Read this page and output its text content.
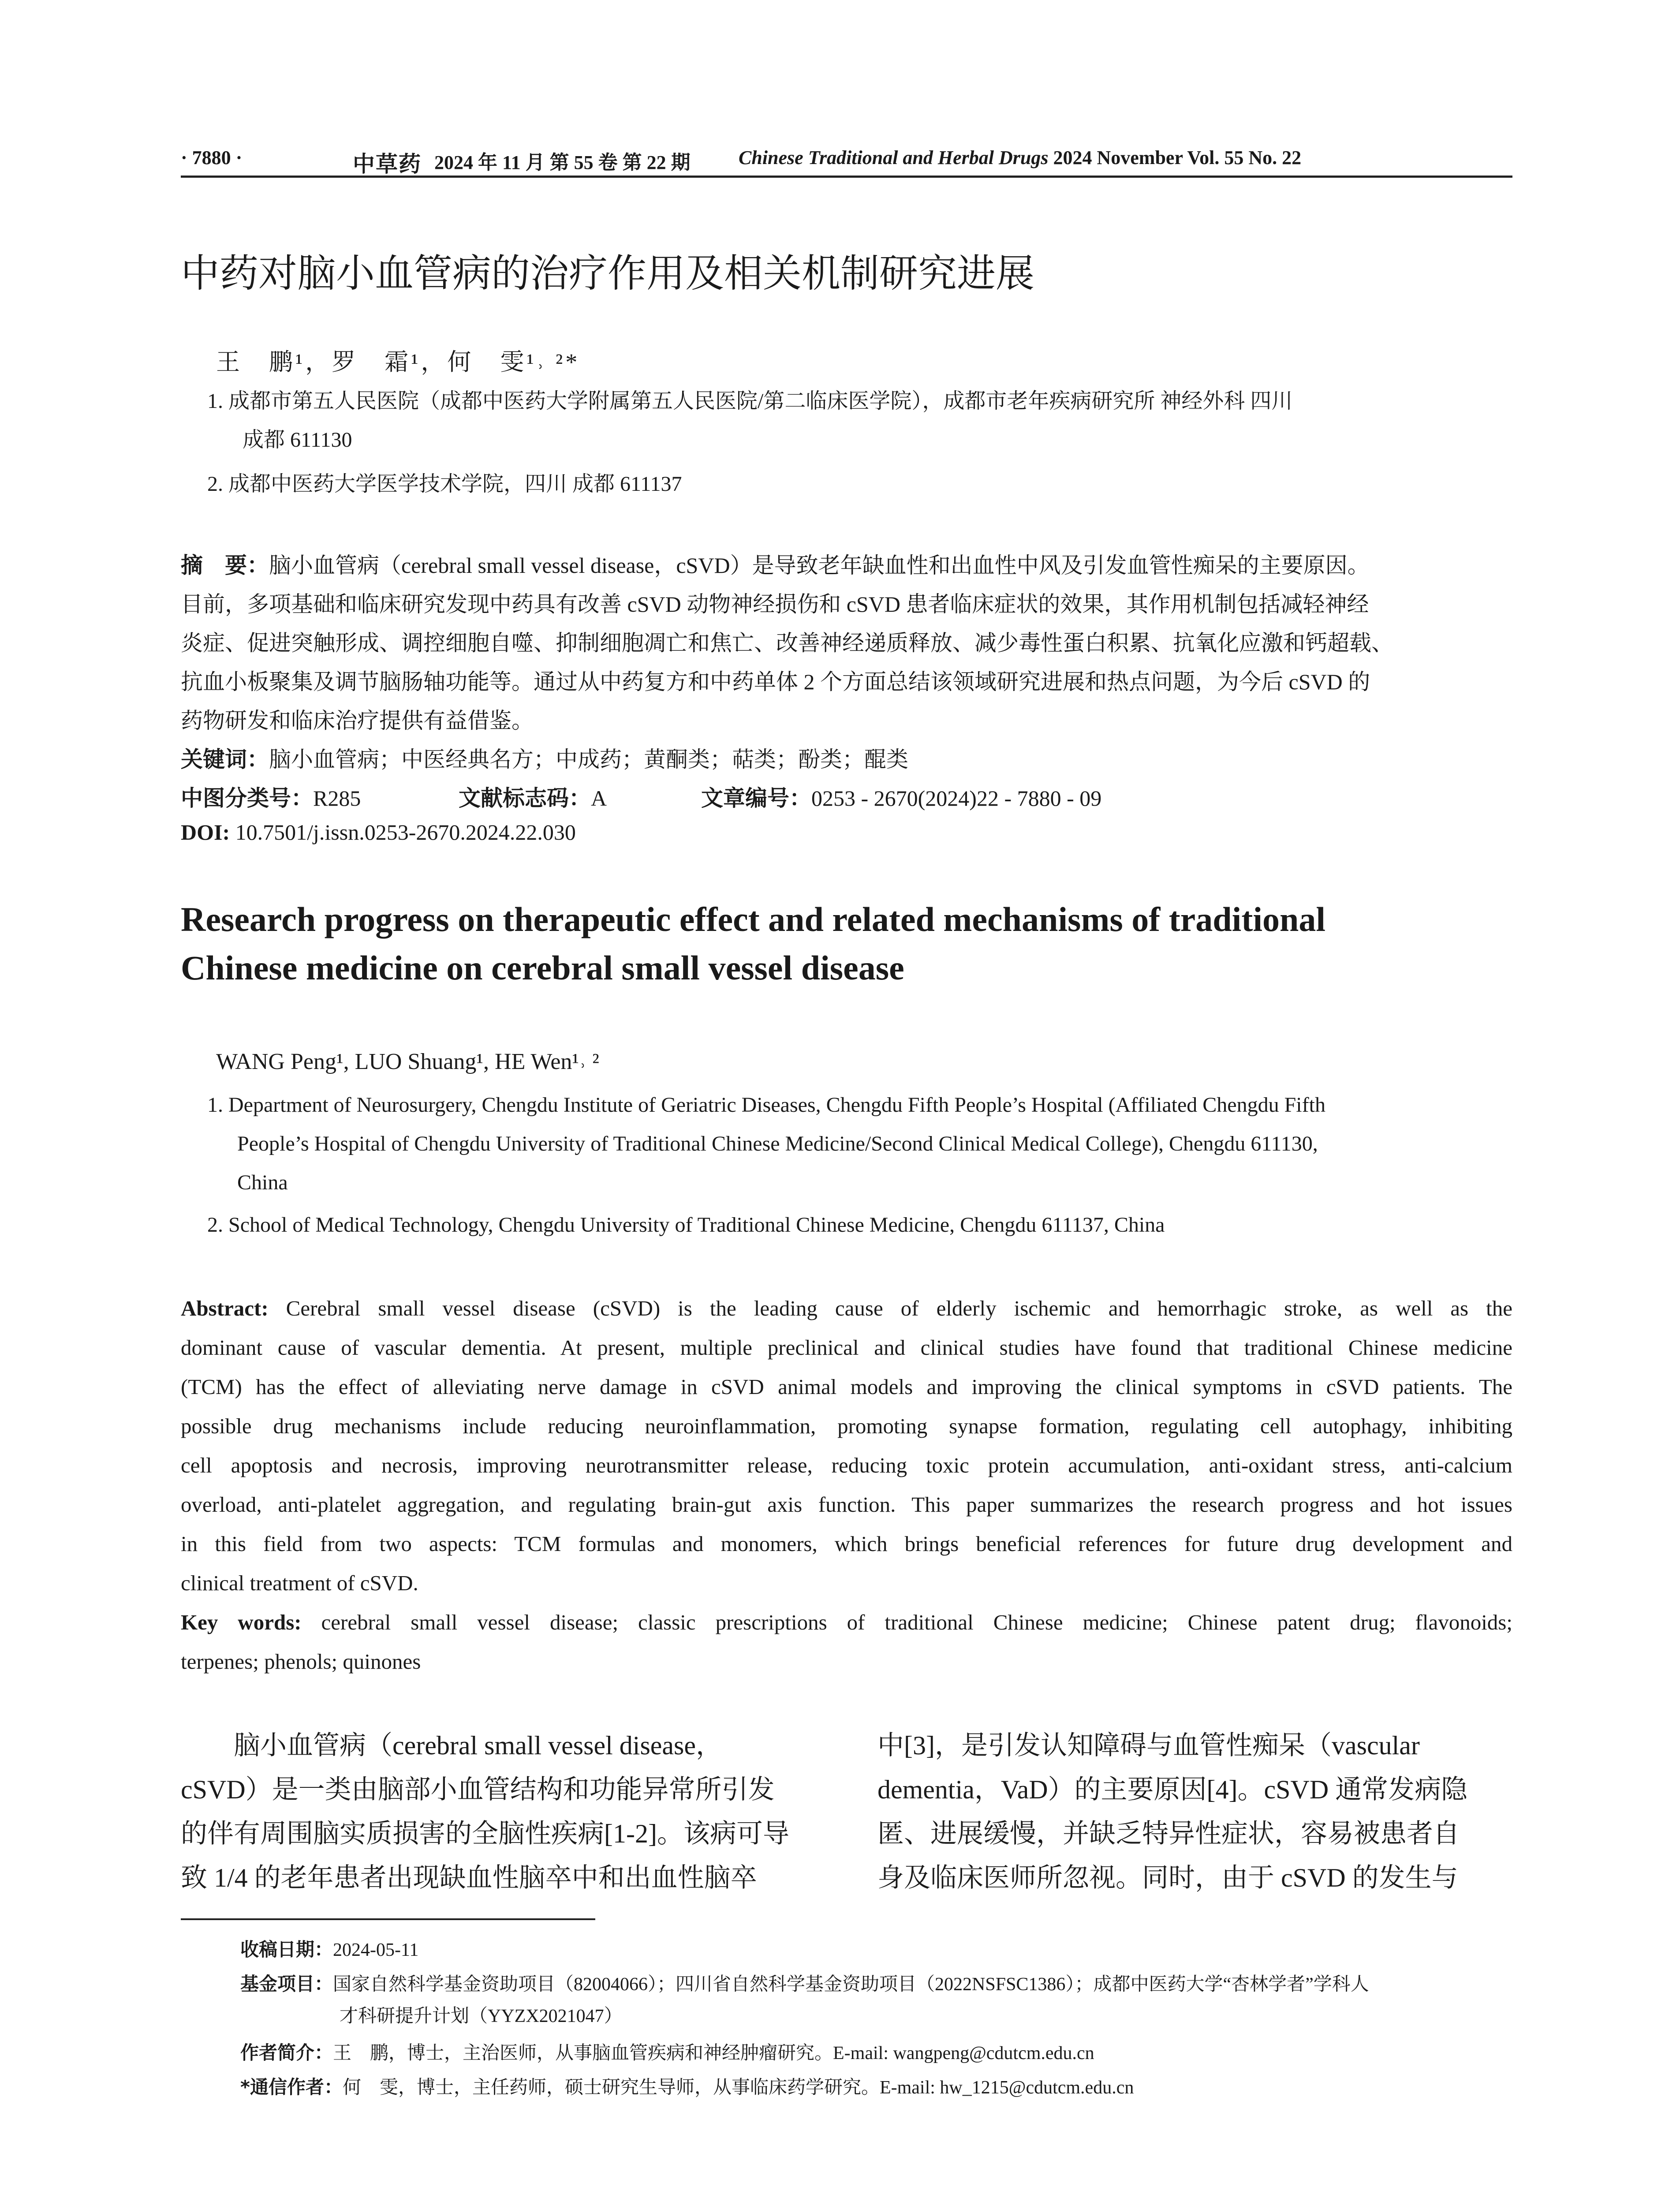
· 7880 ·	中草药 2024 年 11 月 第 55 卷 第 22 期 Chinese Traditional and Herbal Drugs 2024 November Vol. 55 No. 22
中药对脑小血管病的治疗作用及相关机制研究进展
王　鹏¹，罗　霜¹，何　雯¹˒ ²*
1. 成都市第五人民医院（成都中医药大学附属第五人民医院/第二临床医学院），成都市老年疾病研究所 神经外科 四川
成都 611130
2. 成都中医药大学医学技术学院，四川 成都 611137
摘　要：脑小血管病（cerebral small vessel disease，cSVD）是导致老年缺血性和出血性中风及引发血管性痴呆的主要原因。
目前，多项基础和临床研究发现中药具有改善 cSVD 动物神经损伤和 cSVD 患者临床症状的效果，其作用机制包括减轻神经
炎症、促进突触形成、调控细胞自噬、抑制细胞凋亡和焦亡、改善神经递质释放、减少毒性蛋白积累、抗氧化应激和钙超载、
抗血小板聚集及调节脑肠轴功能等。通过从中药复方和中药单体 2 个方面总结该领域研究进展和热点问题，为今后 cSVD 的
药物研发和临床治疗提供有益借鉴。
关键词：脑小血管病；中医经典名方；中成药；黄酮类；萜类；酚类；醌类
中图分类号：R285	文献标志码：A	文章编号：0253 - 2670(2024)22 - 7880 - 09
DOI: 10.7501/j.issn.0253-2670.2024.22.030
Research progress on therapeutic effect and related mechanisms of traditional
Chinese medicine on cerebral small vessel disease
WANG Peng¹, LUO Shuang¹, HE Wen¹˒ ²
1. Department of Neurosurgery, Chengdu Institute of Geriatric Diseases, Chengdu Fifth People’s Hospital (Affiliated Chengdu Fifth
People’s Hospital of Chengdu University of Traditional Chinese Medicine/Second Clinical Medical College), Chengdu 611130,
China
2. School of Medical Technology, Chengdu University of Traditional Chinese Medicine, Chengdu 611137, China
Abstract: Cerebral small vessel disease (cSVD) is the leading cause of elderly ischemic and hemorrhagic stroke, as well as the
dominant cause of vascular dementia. At present, multiple preclinical and clinical studies have found that traditional Chinese medicine
(TCM) has the effect of alleviating nerve damage in cSVD animal models and improving the clinical symptoms in cSVD patients. The
possible drug mechanisms include reducing neuroinflammation, promoting synapse formation, regulating cell autophagy, inhibiting
cell apoptosis and necrosis, improving neurotransmitter release, reducing toxic protein accumulation, anti-oxidant stress, anti-calcium
overload, anti-platelet aggregation, and regulating brain-gut axis function. This paper summarizes the research progress and hot issues
in this field from two aspects: TCM formulas and monomers, which brings beneficial references for future drug development and
clinical treatment of cSVD.
Key words: cerebral small vessel disease; classic prescriptions of traditional Chinese medicine; Chinese patent drug; flavonoids;
terpenes; phenols; quinones
　　脑小血管病（cerebral small vessel disease，
cSVD）是一类由脑部小血管结构和功能异常所引发
的伴有周围脑实质损害的全脑性疾病[1-2]。该病可导
致 1/4 的老年患者出现缺血性脑卒中和出血性脑卒
中[3]，是引发认知障碍与血管性痴呆（vascular
dementia，VaD）的主要原因[4]。cSVD 通常发病隐
匿、进展缓慢，并缺乏特异性症状，容易被患者自
身及临床医师所忽视。同时，由于 cSVD 的发生与
收稿日期：2024-05-11
基金项目：国家自然科学基金资助项目（82004066）；四川省自然科学基金资助项目（2022NSFSC1386）；成都中医药大学“杏林学者”学科人
才科研提升计划（YYZX2021047）
作者简介：王　鹏，博士，主治医师，从事脑血管疾病和神经肿瘤研究。E-mail: wangpeng@cdutcm.edu.cn
*通信作者：何　雯，博士，主任药师，硕士研究生导师，从事临床药学研究。E-mail: hw_1215@cdutcm.edu.cn
